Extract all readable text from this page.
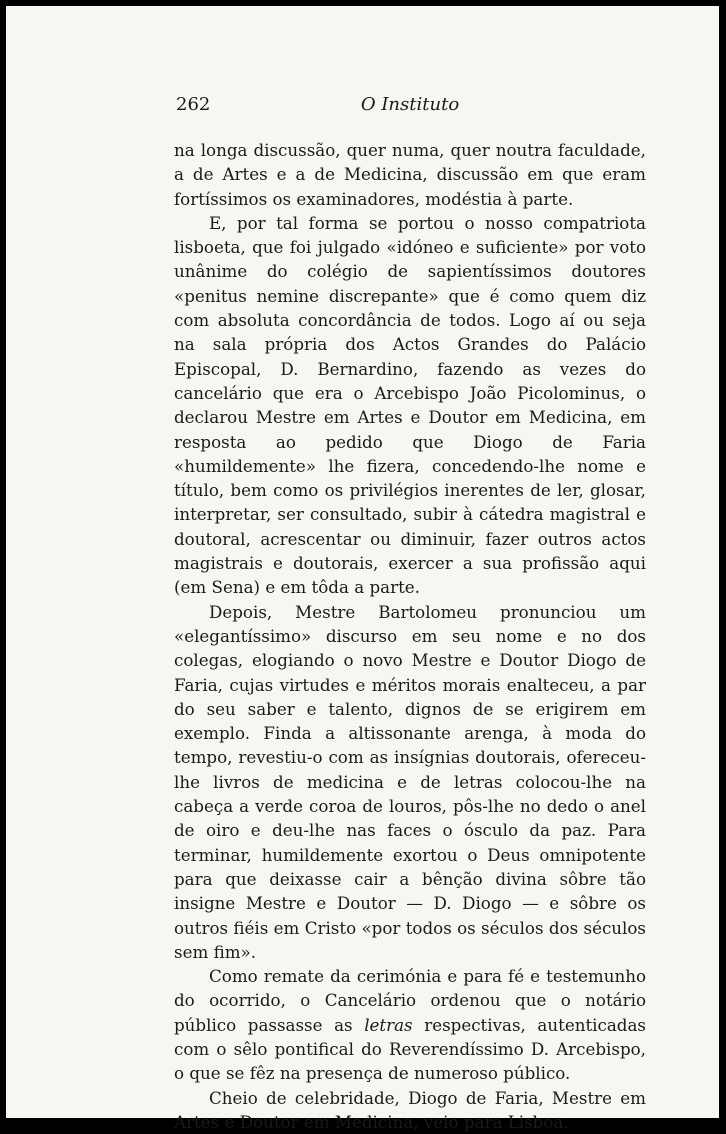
262	O Instituto

na longa discussão, quer numa, quer noutra faculdade, a de Artes e a de Medicina, discussão em que eram fortíssimos os examinadores, modéstia à parte.

E, por tal forma se portou o nosso compatriota lisboeta, que foi julgado «idóneo e suficiente» por voto unânime do colégio de sapientíssimos doutores «penitus nemine discrepante» que é como quem diz com absoluta concordância de todos. Logo aí ou seja na sala própria dos Actos Grandes do Palácio Episcopal, D. Bernardino, fazendo as vezes do cancelário que era o Arcebispo João Picolominus, o declarou Mestre em Artes e Doutor em Medicina, em resposta ao pedido que Diogo de Faria «humildemente» lhe fizera, concedendo-lhe nome e título, bem como os privilégios inerentes de ler, glosar, interpretar, ser consultado, subir à cátedra magistral e doutoral, acrescentar ou diminuir, fazer outros actos magistrais e doutorais, exercer a sua profissão aqui (em Sena) e em tôda a parte.

Depois, Mestre Bartolomeu pronunciou um «elegantíssimo» discurso em seu nome e no dos colegas, elogiando o novo Mestre e Doutor Diogo de Faria, cujas virtudes e méritos morais enalteceu, a par do seu saber e talento, dignos de se erigirem em exemplo. Finda a altissonante arenga, à moda do tempo, revestiu-o com as insígnias doutorais, ofereceu-lhe livros de medicina e de letras colocou-lhe na cabeça a verde coroa de louros, pôs-lhe no dedo o anel de oiro e deu-lhe nas faces o ósculo da paz. Para terminar, humildemente exortou o Deus omnipotente para que deixasse cair a bênção divina sôbre tão insigne Mestre e Doutor — D. Diogo — e sôbre os outros fiéis em Cristo «por todos os séculos dos séculos sem fim».

Como remate da cerimónia e para fé e testemunho do ocorrido, o Cancelário ordenou que o notário público passasse as letras respectivas, autenticadas com o sêlo pontifical do Reverendíssimo D. Arcebispo, o que se fêz na presença de numeroso público.

Cheio de celebridade, Diogo de Faria, Mestre em Artes e Doutor em Medicina, veio para Lisboa.
